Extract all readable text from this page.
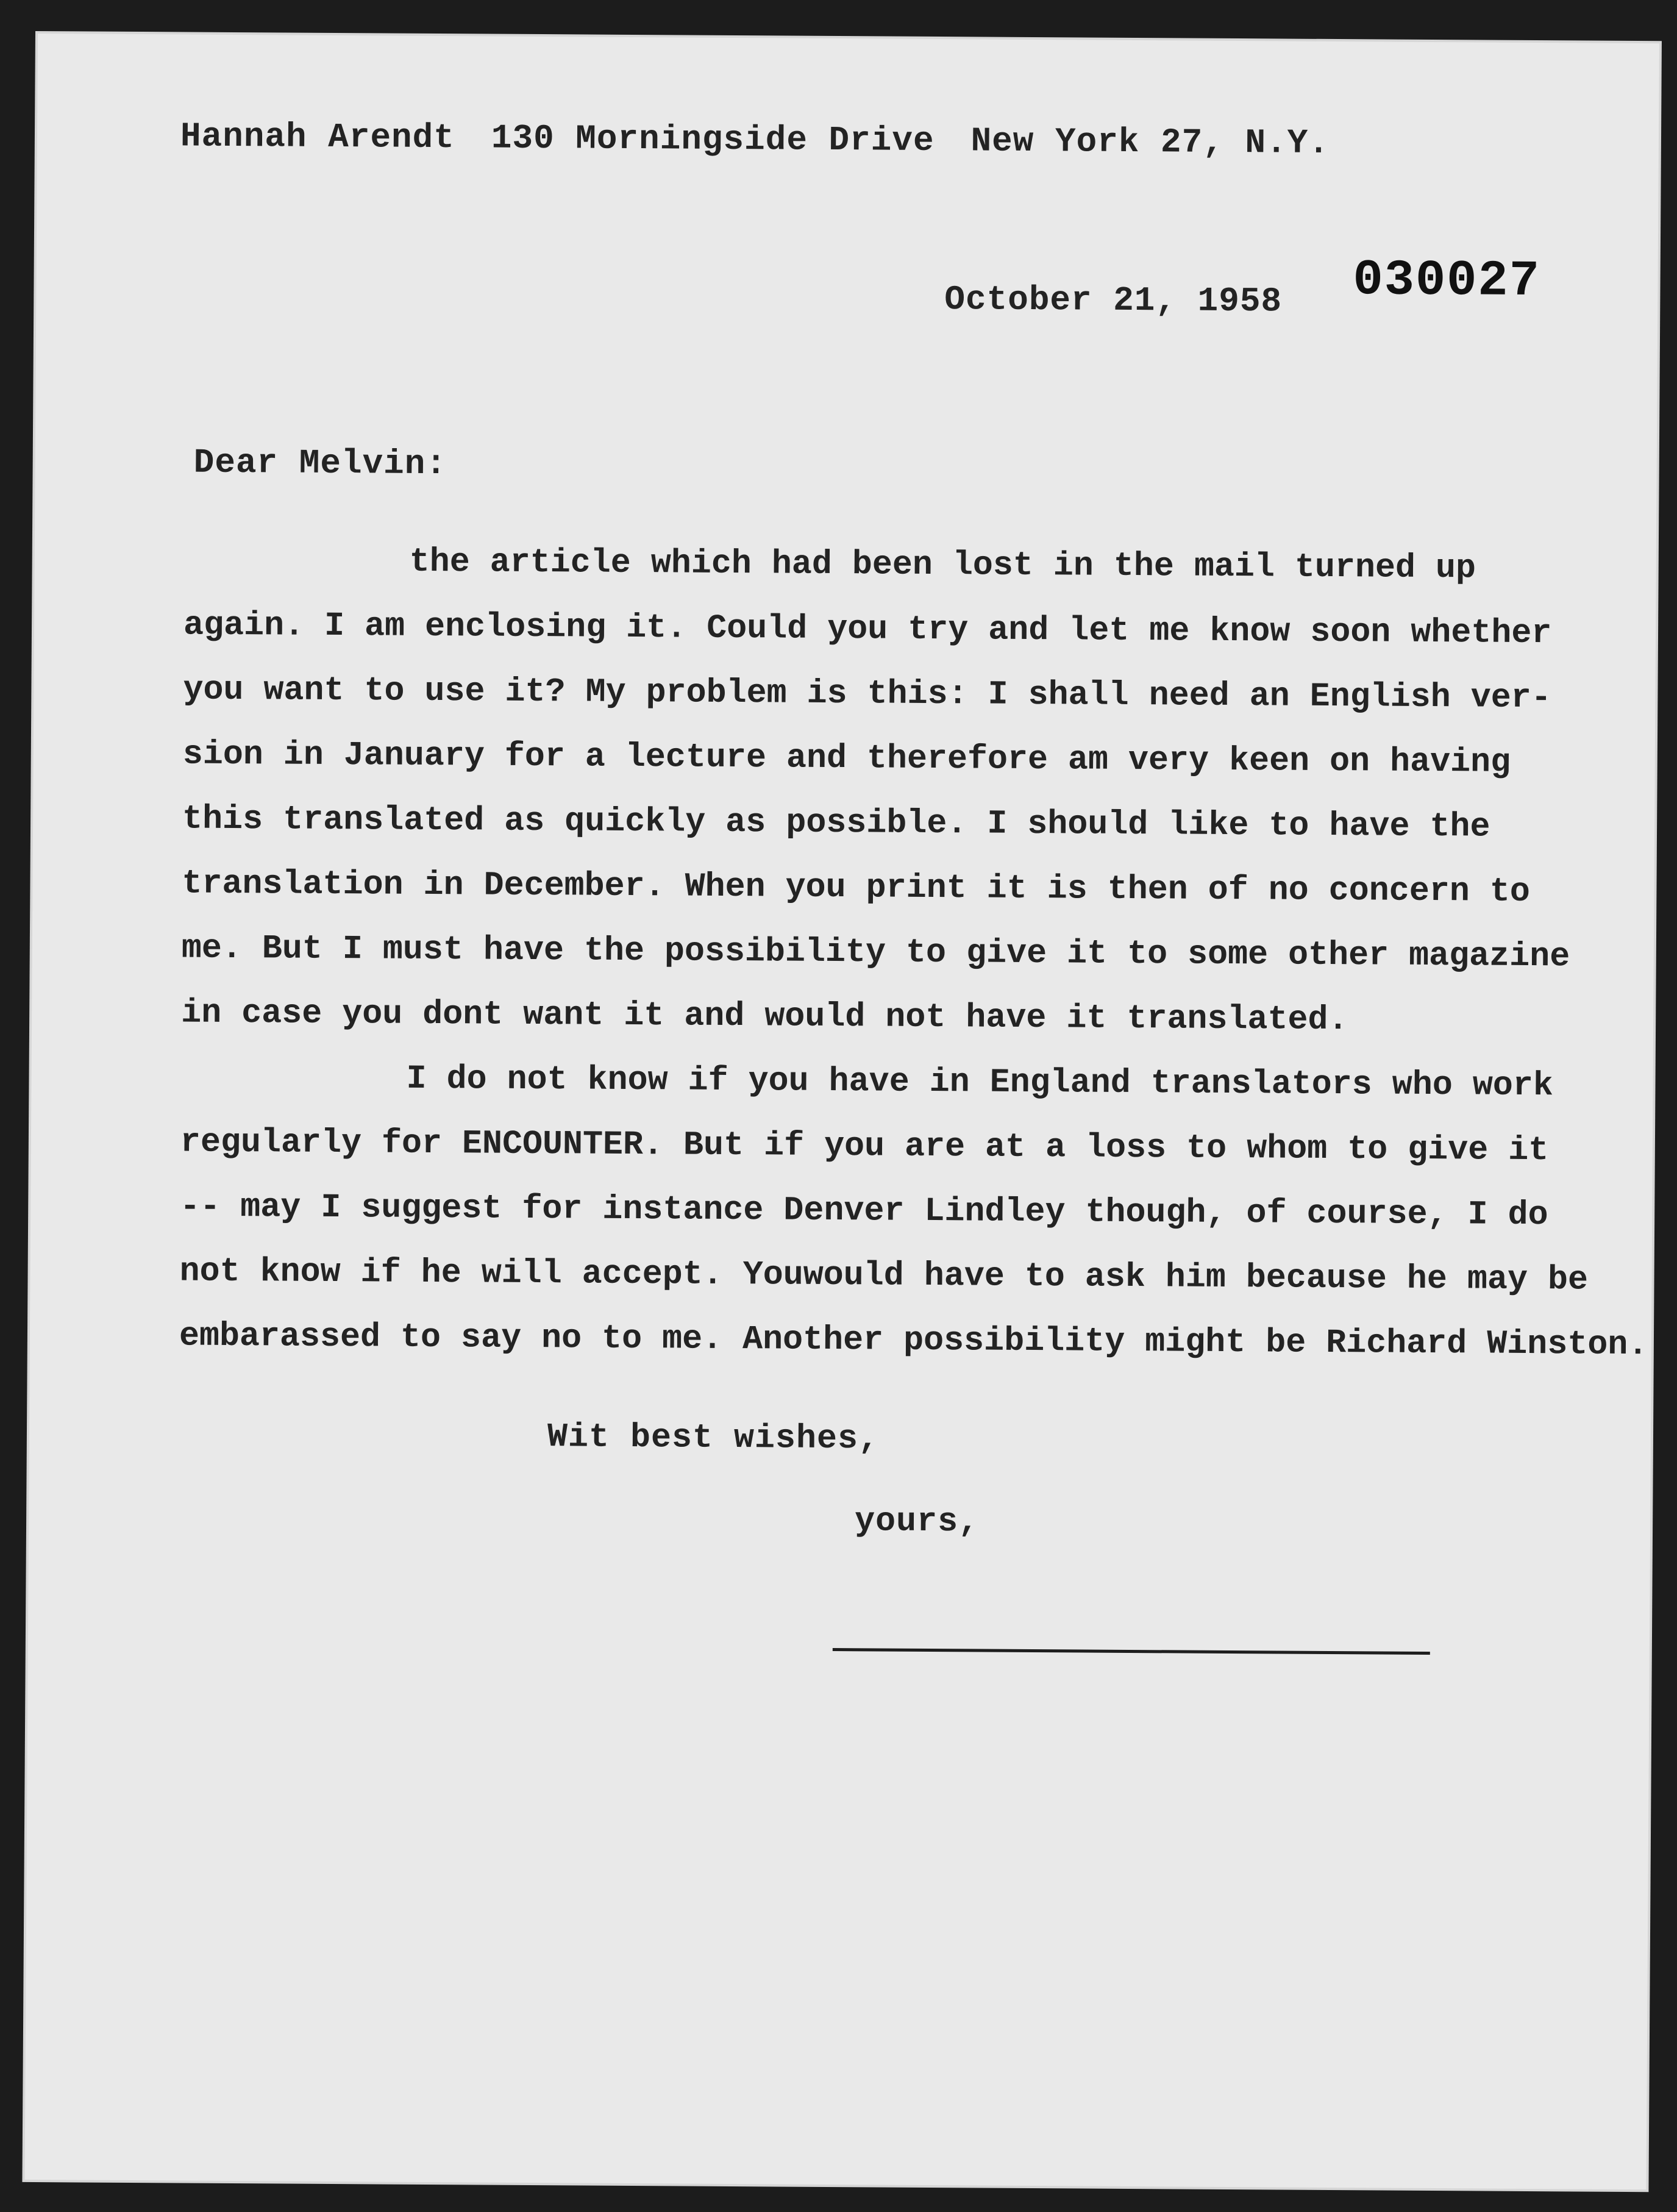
Hannah Arendt 130 Morningside Drive New York 27, N.Y.
030027
October 21, 1958
Dear Melvin:

the article which had been lost in the mail turned up
again. I am enclosing it. Could you try and let me know soon whether
you want to use it? My problem is this: I shall need an English ver-
sion in January for a lecture and therefore am very keen on having
this translated as quickly as possible. I should like to have the
translation in December. When you print it is then of no concern to
me. But I must have the possibility to give it to some other magazine
in case you dont want it and would not have it translated.

I do not know if you have in England translators who work
regularly for ENCOUNTER. But if you are at a loss to whom to give it
-- may I suggest for instance Denver Lindley though, of course, I do
not know if he will accept. Youwould have to ask him because he may be
embarassed to say no to me. Another possibility might be Richard Winston.

Wit best wishes,
yours,
